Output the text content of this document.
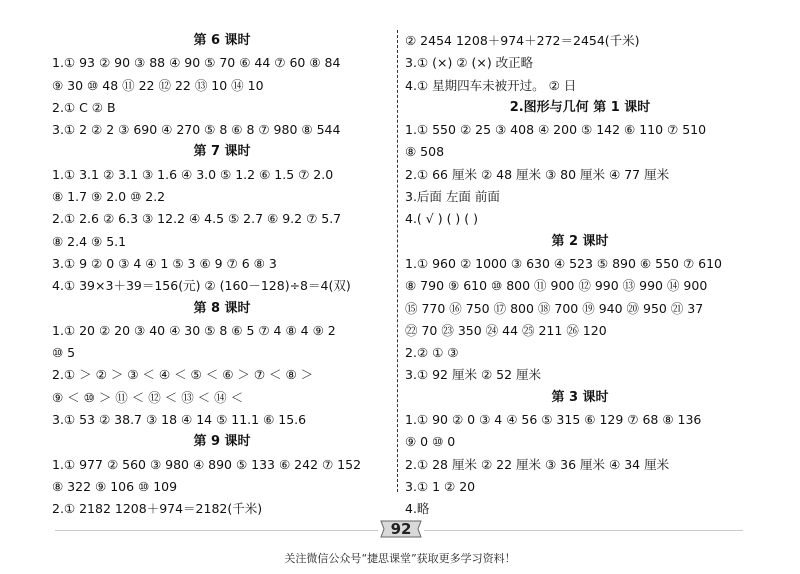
第 6 课时
1.① 93 ② 90 ③ 88 ④ 90 ⑤ 70 ⑥ 44 ⑦ 60 ⑧ 84
⑨ 30 ⑩ 48 ⑪ 22 ⑫ 22 ⑬ 10 ⑭ 10
2.① C ② B
3.① 2 ② 2 ③ 690 ④ 270 ⑤ 8 ⑥ 8 ⑦ 980 ⑧ 544
第 7 课时
1.① 3.1 ② 3.1 ③ 1.6 ④ 3.0 ⑤ 1.2 ⑥ 1.5 ⑦ 2.0
⑧ 1.7 ⑨ 2.0 ⑩ 2.2
2.① 2.6 ② 6.3 ③ 12.2 ④ 4.5 ⑤ 2.7 ⑥ 9.2 ⑦ 5.7
⑧ 2.4 ⑨ 5.1
3.① 9 ② 0 ③ 4 ④ 1 ⑤ 3 ⑥ 9 ⑦ 6 ⑧ 3
4.① 39×3＋39＝156(元) ② (160－128)÷8＝4(双)
第 8 课时
1.① 20 ② 20 ③ 40 ④ 30 ⑤ 8 ⑥ 5 ⑦ 4 ⑧ 4 ⑨ 2
⑩ 5
2.① ＞ ② ＞ ③ ＜ ④ ＜ ⑤ ＜ ⑥ ＞ ⑦ ＜ ⑧ ＞
⑨ ＜ ⑩ ＞ ⑪ ＜ ⑫ ＜ ⑬ ＜ ⑭ ＜
3.① 53 ② 38.7 ③ 18 ④ 14 ⑤ 11.1 ⑥ 15.6
第 9 课时
1.① 977 ② 560 ③ 980 ④ 890 ⑤ 133 ⑥ 242 ⑦ 152
⑧ 322 ⑨ 106 ⑩ 109
2.① 2182 1208＋974＝2182(千米)
② 2454 1208＋974＋272＝2454(千米)
3.① (×) ② (×) 改正略
4.① 星期四车未被开过。 ② 日
2.图形与几何 第 1 课时
1.① 550 ② 25 ③ 408 ④ 200 ⑤ 142 ⑥ 110 ⑦ 510
⑧ 508
2.① 66 厘米 ② 48 厘米 ③ 80 厘米 ④ 77 厘米
3.后面 左面 前面
4.( √ ) ( ) ( )
第 2 课时
1.① 960 ② 1000 ③ 630 ④ 523 ⑤ 890 ⑥ 550 ⑦ 610
⑧ 790 ⑨ 610 ⑩ 800 ⑪ 900 ⑫ 990 ⑬ 990 ⑭ 900
⑮ 770 ⑯ 750 ⑰ 800 ⑱ 700 ⑲ 940 ⑳ 950 ㉑ 37
㉒ 70 ㉓ 350 ㉔ 44 ㉕ 211 ㉖ 120
2.② ① ③
3.① 92 厘米 ② 52 厘米
第 3 课时
1.① 90 ② 0 ③ 4 ④ 56 ⑤ 315 ⑥ 129 ⑦ 68 ⑧ 136
⑨ 0 ⑩ 0
2.① 28 厘米 ② 22 厘米 ③ 36 厘米 ④ 34 厘米
3.① 1 ② 20
4.略
92
关注微信公众号“捷思课堂”获取更多学习资料！
